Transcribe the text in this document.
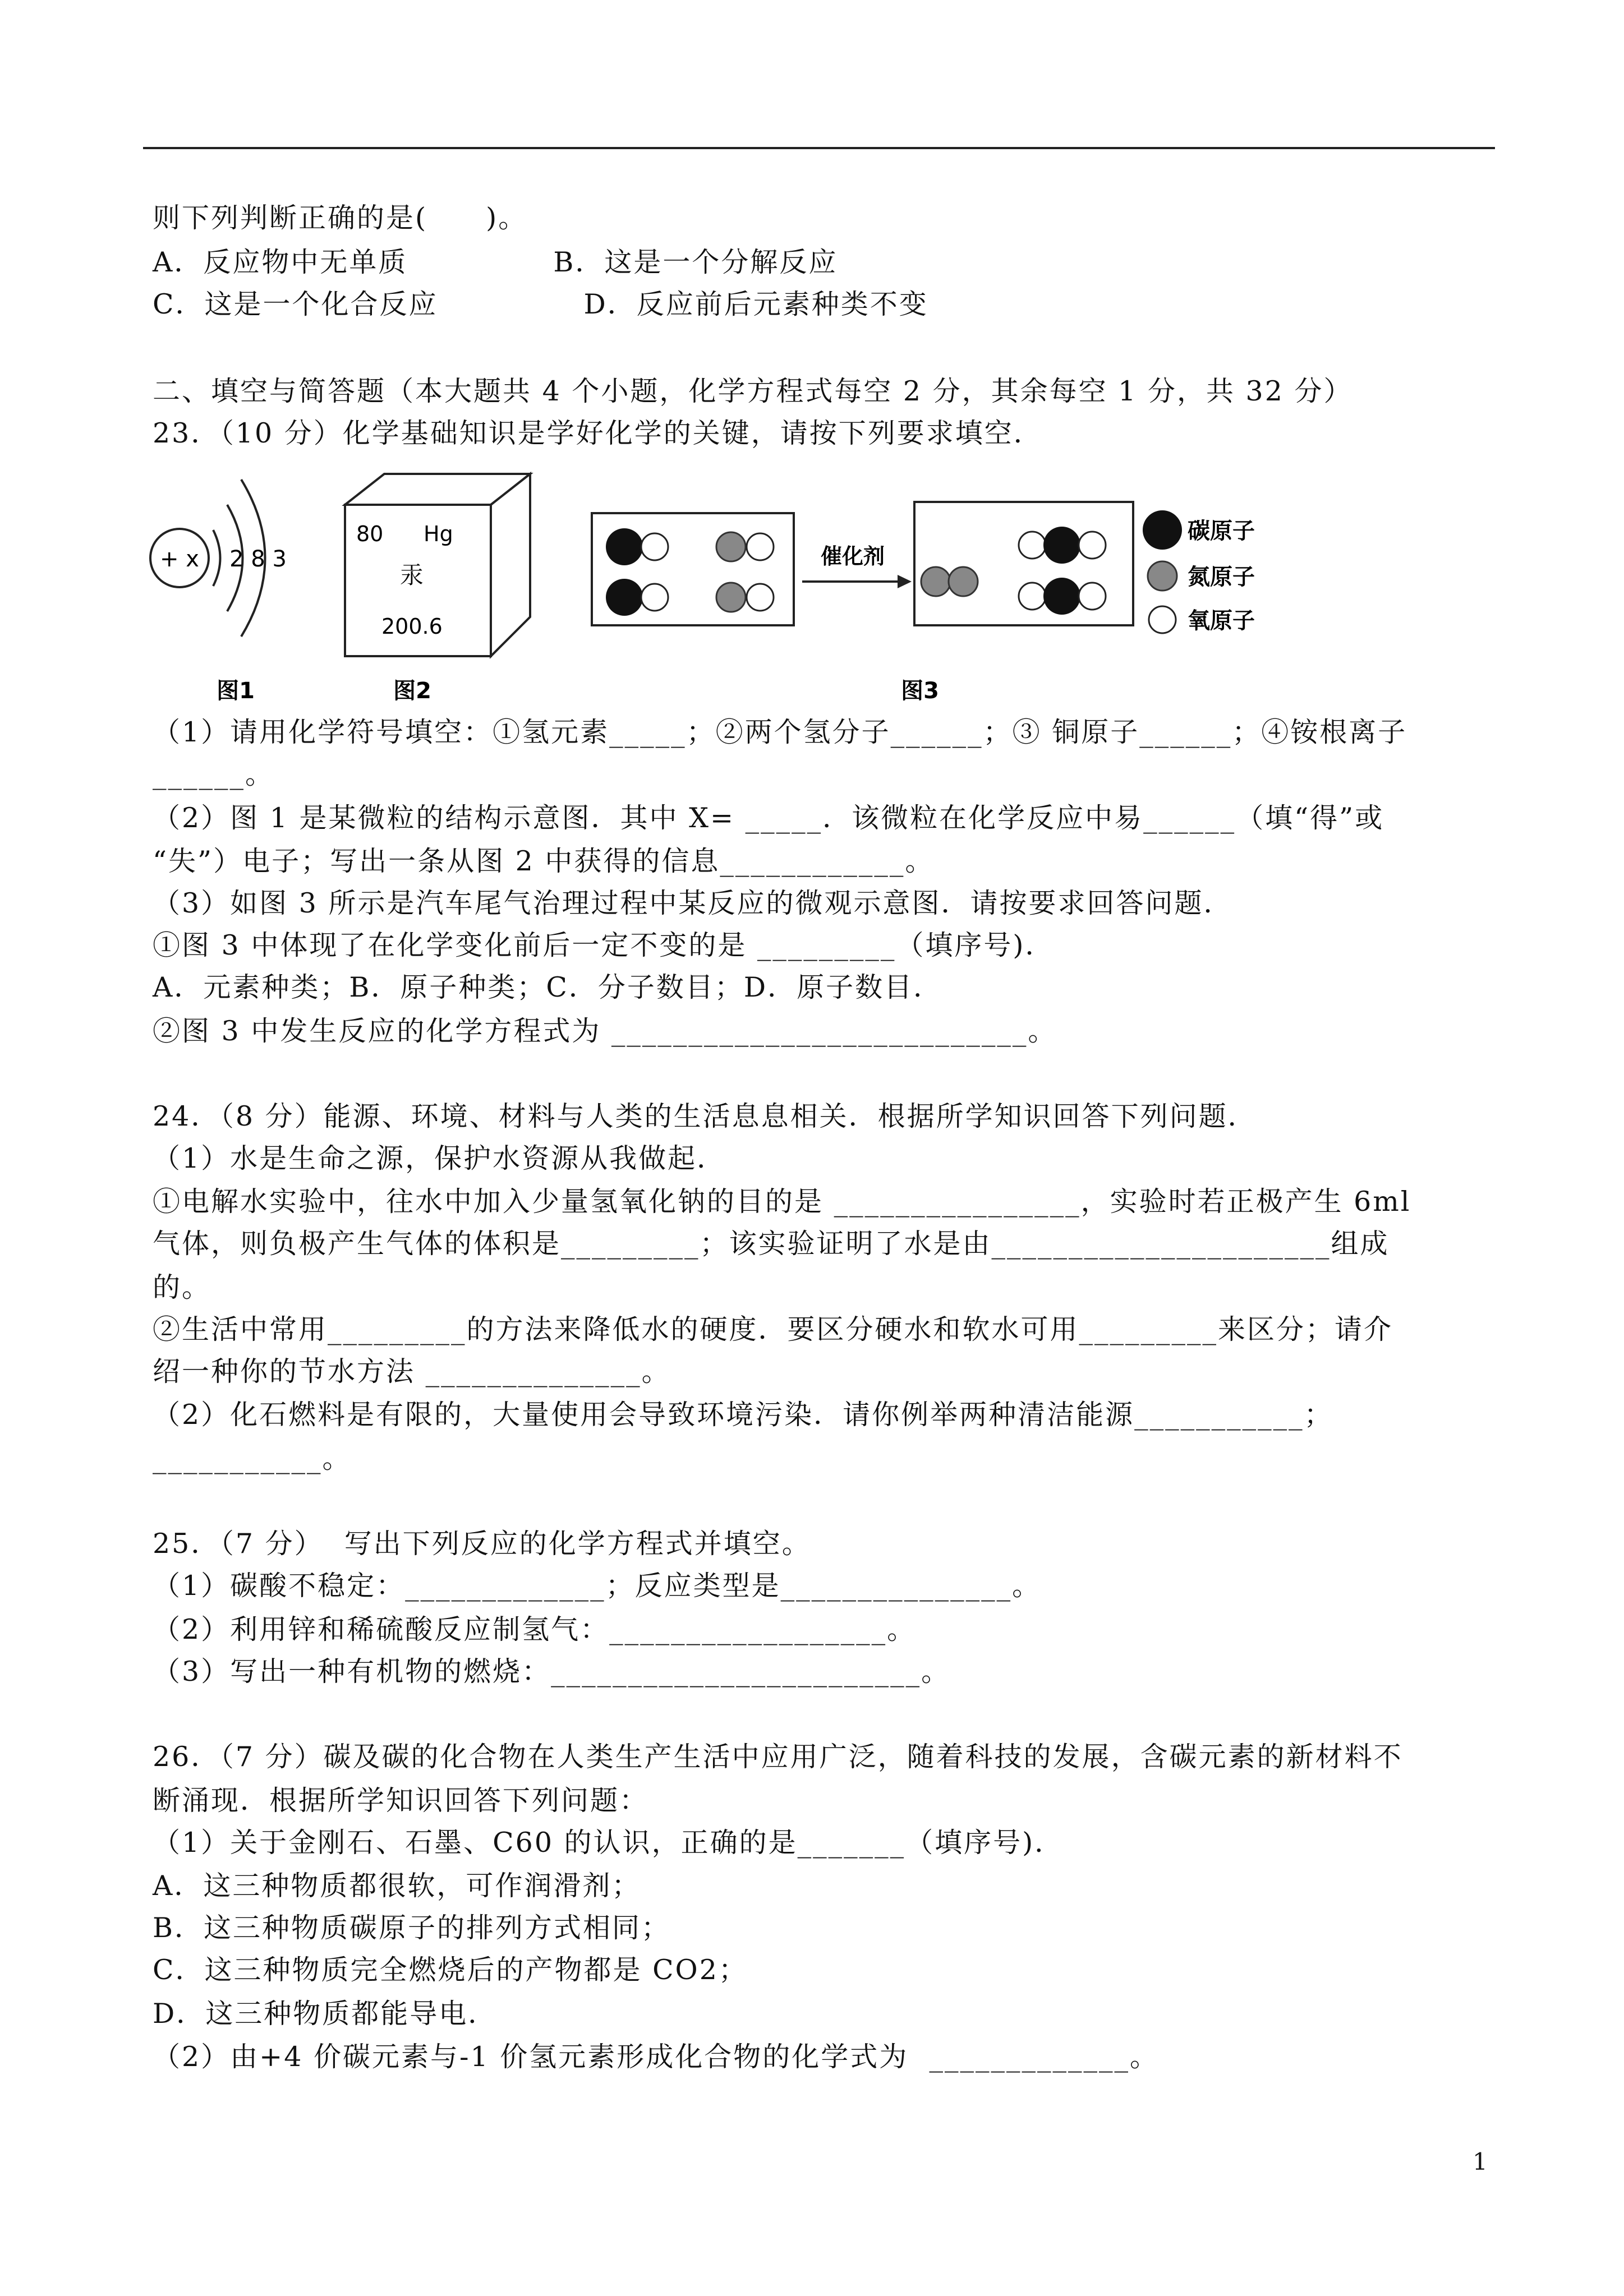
则下列判断正确的是(　　)。
A．反应物中无单质　　　　　B．这是一个分解反应
C．这是一个化合反应　　　　　D．反应前后元素种类不变
二、填空与简答题（本大题共 4 个小题，化学方程式每空 2 分，其余每空 1 分，共 32 分）
23．（10 分）化学基础知识是学好化学的关键，请按下列要求填空．
（1）请用化学符号填空：①氢元素_____；②两个氢分子______；③ 铜原子______；④铵根离子
______。
（2）图 1 是某微粒的结构示意图．其中 X= _____．该微粒在化学反应中易______（填“得”或
“失”）电子；写出一条从图 2 中获得的信息____________。
（3）如图 3 所示是汽车尾气治理过程中某反应的微观示意图．请按要求回答问题．
①图 3 中体现了在化学变化前后一定不变的是 _________（填序号)．
A．元素种类；B．原子种类；C．分子数目；D．原子数目．
②图 3 中发生反应的化学方程式为 ___________________________。
24．（8 分）能源、环境、材料与人类的生活息息相关．根据所学知识回答下列问题．
（1）水是生命之源，保护水资源从我做起．
①电解水实验中，往水中加入少量氢氧化钠的目的是 ________________，实验时若正极产生 6ml
气体，则负极产生气体的体积是_________；该实验证明了水是由______________________组成
的。
②生活中常用_________的方法来降低水的硬度．要区分硬水和软水可用_________来区分；请介
绍一种你的节水方法 ______________。
（2）化石燃料是有限的，大量使用会导致环境污染．请你例举两种清洁能源___________；
___________。
25．（7 分）  写出下列反应的化学方程式并填空。
（1）碳酸不稳定：_____________；反应类型是_______________。
（2）利用锌和稀硫酸反应制氢气：__________________。
（3）写出一种有机物的燃烧：________________________。
26．（7 分）碳及碳的化合物在人类生产生活中应用广泛，随着科技的发展，含碳元素的新材料不
断涌现．根据所学知识回答下列问题：
（1）关于金刚石、石墨、C60 的认识，正确的是_______（填序号)．
A．这三种物质都很软，可作润滑剂；
B．这三种物质碳原子的排列方式相同；
C．这三种物质完全燃烧后的产物都是 CO2；
D．这三种物质都能导电．
（2）由+4 价碳元素与-1 价氢元素形成化合物的化学式为  _____________。
+ x 2 8 3
图1
80 Hg
汞
200.6
图2
催化剂
碳原子
氮原子
氧原子
图3
1
